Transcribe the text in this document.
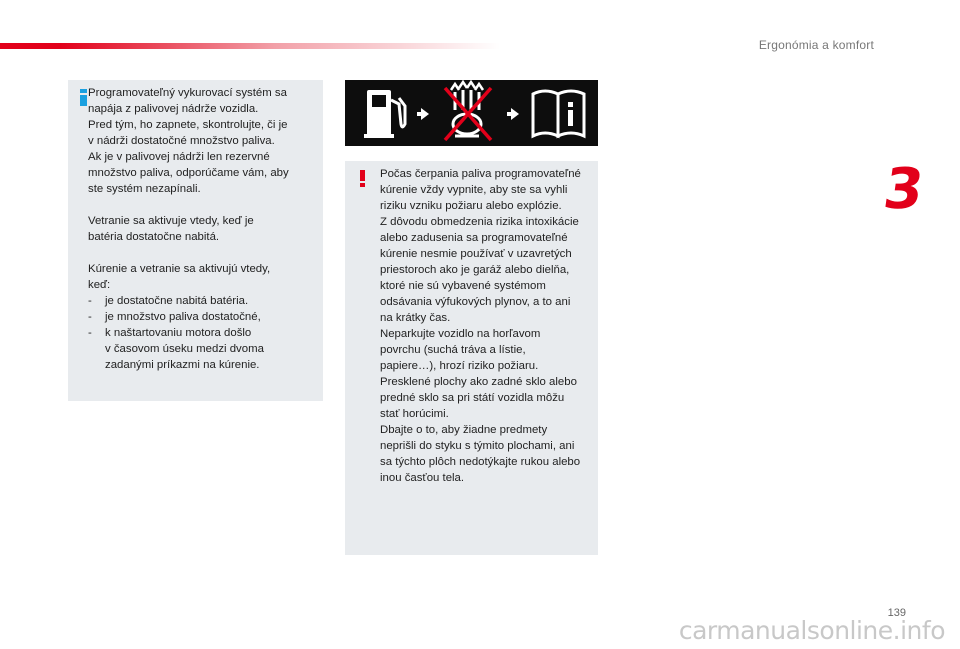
Ergonómia a komfort
3

Programovateľný vykurovací systém sa
napája z palivovej nádrže vozidla.
Pred tým, ho zapnete, skontrolujte, či je
v nádrži dostatočné množstvo paliva.
Ak je v palivovej nádrži len rezervné
množstvo paliva, odporúčame vám, aby
ste systém nezapínali.

Vetranie sa aktivuje vtedy, keď je
batéria dostatočne nabitá.

Kúrenie a vetranie sa aktivujú vtedy,
keď:

- je dostatočne nabitá batéria.
- je množstvo paliva dostatočné,
- k naštartovaniu motora došlo
v časovom úseku medzi dvoma
zadanými príkazmi na kúrenie.
Počas čerpania paliva programovateľné
kúrenie vždy vypnite, aby ste sa vyhli
riziku vzniku požiaru alebo explózie.
Z dôvodu obmedzenia rizika intoxikácie
alebo zadusenia sa programovateľné
kúrenie nesmie používať v uzavretých
priestoroch ako je garáž alebo dielňa,
ktoré nie sú vybavené systémom
odsávania výfukových plynov, a to ani
na krátky čas.
Neparkujte vozidlo na horľavom
povrchu (suchá tráva a lístie,
papiere…), hrozí riziko požiaru.
Presklené plochy ako zadné sklo alebo
predné sklo sa pri státí vozidla môžu
stať horúcimi.
Dbajte o to, aby žiadne predmety
neprišli do styku s týmito plochami, ani
sa týchto plôch nedotýkajte rukou alebo
inou časťou tela.
139
carmanualsonline.info
